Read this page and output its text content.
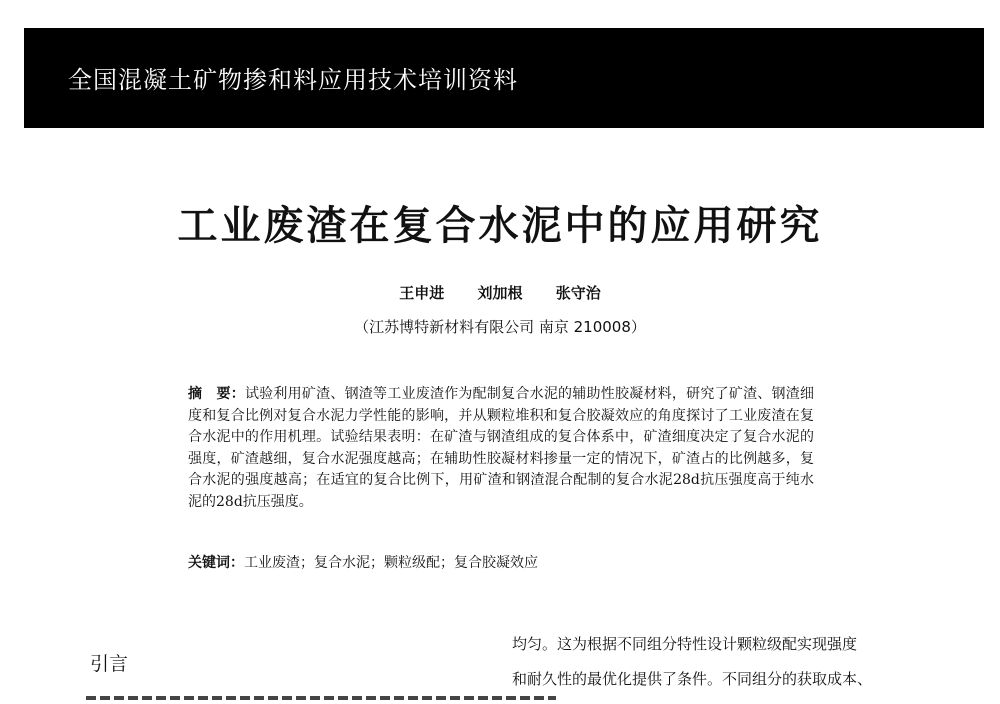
全国混凝土矿物掺和料应用技术培训资料
工业废渣在复合水泥中的应用研究
王申进 刘加根 张守治
（江苏博特新材料有限公司 南京 210008）
摘　要：试验利用矿渣、钢渣等工业废渣作为配制复合水泥的辅助性胶凝材料，研究了矿渣、钢渣细度和复合比例对复合水泥力学性能的影响，并从颗粒堆积和复合胶凝效应的角度探讨了工业废渣在复合水泥中的作用机理。试验结果表明：在矿渣与钢渣组成的复合体系中，矿渣细度决定了复合水泥的强度，矿渣越细，复合水泥强度越高；在辅助性胶凝材料掺量一定的情况下，矿渣占的比例越多，复合水泥的强度越高；在适宜的复合比例下，用矿渣和钢渣混合配制的复合水泥28d抗压强度高于纯水泥的28d抗压强度。
关键词：工业废渣；复合水泥；颗粒级配；复合胶凝效应
引言
均匀。这为根据不同组分特性设计颗粒级配实现强度
和耐久性的最优化提供了条件。不同组分的获取成本、
